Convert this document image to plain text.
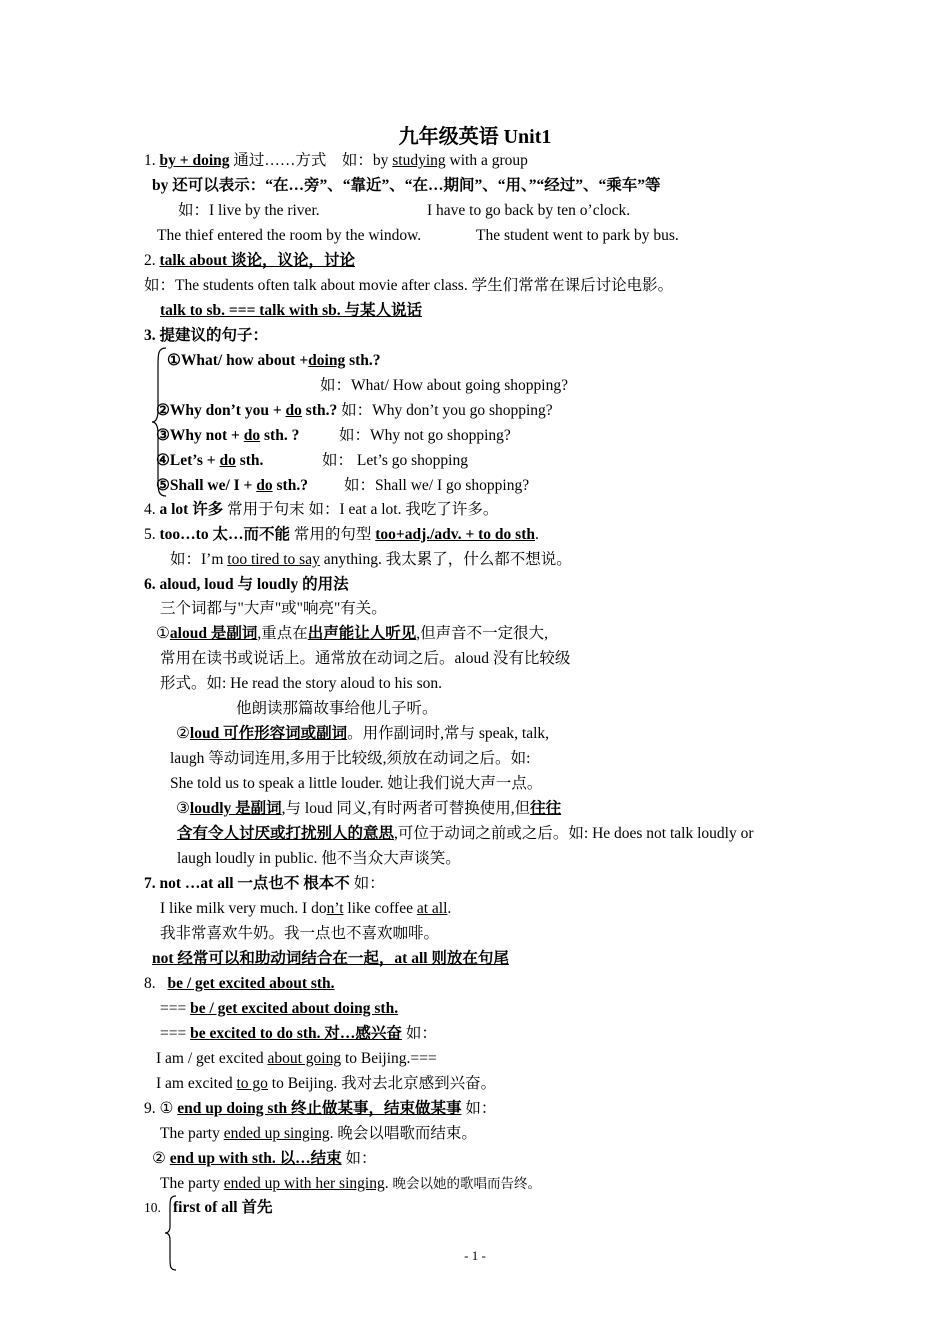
九年级英语 Unit1
1. by + doing 通过……方式　如：by studying with a group
by 还可以表示：“在…旁”、“靠近”、“在…期间”、“用、”“经过”、“乘车”等
如：I live by the river.	I have to go back by ten o’clock.
The thief entered the room by the window.	The student went to park by bus.
2. talk about 谈论，议论，讨论
如：The students often talk about movie after class. 学生们常常在课后讨论电影。
talk to sb. === talk with sb. 与某人说话
3. 提建议的句子：
①What/ how about +doing sth.?
如：What/ How about going shopping?
②Why don’t you + do sth.? 如：Why don’t you go shopping?
③Why not + do sth. ?	如：Why not go shopping?
④Let’s + do sth.	如： Let’s go shopping
⑤Shall we/ I + do sth.? 如：Shall we/ I go shopping?
4. a lot 许多 常用于句末 如：I eat a lot. 我吃了许多。
5. too…to 太…而不能 常用的句型 too+adj./adv. + to do sth.
如：I’m too tired to say anything. 我太累了，什么都不想说。
6. aloud, loud 与 loudly 的用法
三个词都与"大声"或"响亮"有关。
①aloud 是副词,重点在出声能让人听见,但声音不一定很大,
常用在读书或说话上。通常放在动词之后。aloud 没有比较级
形式。如: He read the story aloud to his son.
他朗读那篇故事给他儿子听。
②loud 可作形容词或副词。用作副词时,常与 speak, talk,
laugh 等动词连用,多用于比较级,须放在动词之后。如:
She told us to speak a little louder. 她让我们说大声一点。
③loudly 是副词,与 loud 同义,有时两者可替换使用,但往往
含有令人讨厌或打扰别人的意思,可位于动词之前或之后。如: He does not talk loudly or
laugh loudly in public. 他不当众大声谈笑。
7. not …at all 一点也不 根本不 如：
I like milk very much. I don’t like coffee at all.
我非常喜欢牛奶。我一点也不喜欢咖啡。
not 经常可以和助动词结合在一起，at all 则放在句尾
8. be / get excited about sth.
=== be / get excited about doing sth.
=== be excited to do sth. 对…感兴奋 如：
I am / get excited about going to Beijing.===
I am excited to go to Beijing. 我对去北京感到兴奋。
9. ① end up doing sth 终止做某事，结束做某事 如：
The party ended up singing. 晚会以唱歌而结束。
② end up with sth. 以…结束 如：
The party ended up with her singing. 晚会以她的歌唱而告终。
10. first of all 首先
- 1 -
